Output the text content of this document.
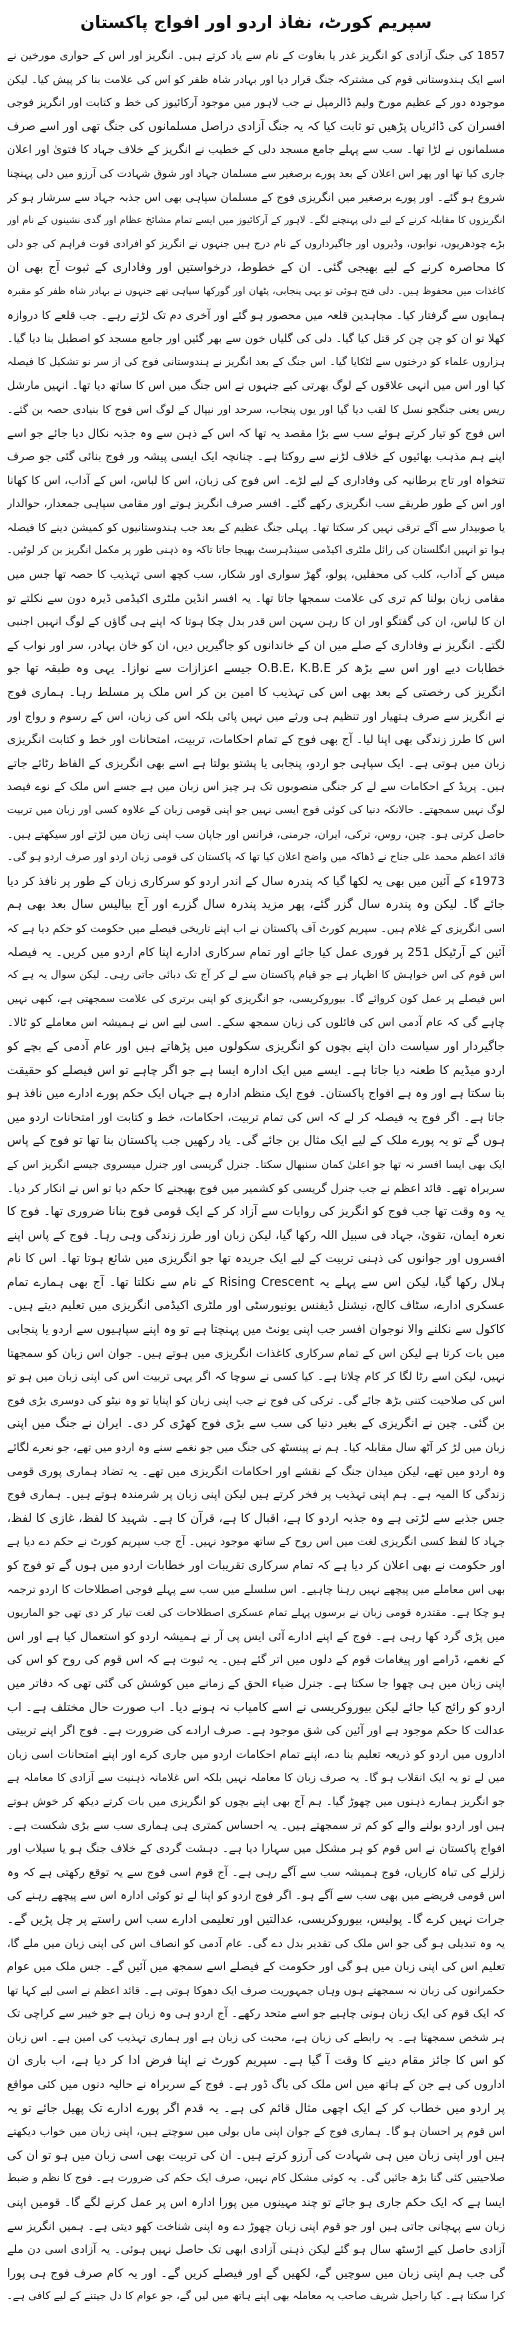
سپریم کورٹ، نفاذ اردو اور افواج پاکستان
1857 کی جنگ آزادی کو انگریز غدر یا بغاوت کے نام سے یاد کرتے ہیں۔ انگریز اور اس کے حواری مورخین نے
اسے ایک ہندوستانی قوم کی مشترکہ جنگ قرار دیا اور بہادر شاہ ظفر کو اس کی علامت بنا کر پیش کیا۔ لیکن
موجودہ دور کے عظیم مورخ ولیم ڈالرمپل نے جب لاہور میں موجود آرکائیوز کی خط و کتابت اور انگریز فوجی
افسران کی ڈائریاں پڑھیں تو ثابت کیا کہ یہ جنگ آزادی دراصل مسلمانوں کی جنگ تھی اور اسے صرف
مسلمانوں نے لڑا تھا۔ سب سے پہلے جامع مسجد دلی کے خطیب نے انگریز کے خلاف جہاد کا فتویٰ اور اعلان
جاری کیا تھا اور پھر اس اعلان کے بعد پورے برصغیر سے مسلمان جہاد اور شوق شہادت کی آرزو میں دلی پہنچنا
شروع ہو گئے۔ اور پورے برصغیر میں انگریزی فوج کے مسلمان سپاہی بھی اس جذبہ جہاد سے سرشار ہو کر
انگریزوں کا مقابلہ کرنے کے لیے دلی پہنچنے لگے۔ لاہور کے آرکائیوز میں ایسے تمام مشائخ عظام اور گدی نشینوں کے نام اور
بڑے چودھریوں، نوابوں، وڈیروں اور جاگیرداروں کے نام درج ہیں جنہوں نے انگریز کو افرادی قوت فراہم کی جو دلی
کا محاصرہ کرنے کے لیے بھیجی گئی۔ ان کے خطوط، درخواستیں اور وفاداری کے ثبوت آج بھی ان
کاغذات میں محفوظ ہیں۔ دلی فتح ہوئی تو یہی پنجابی، پٹھان اور گورکھا سپاہی تھے جنہوں نے بہادر شاہ ظفر کو مقبرہ
ہمایوں سے گرفتار کیا۔ مجاہدین قلعہ میں محصور ہو گئے اور آخری دم تک لڑتے رہے۔ جب قلعے کا دروازہ
کھلا تو ان کو چن چن کر قتل کیا گیا۔ دلی کی گلیاں خون سے بھر گئیں اور جامع مسجد کو اصطبل بنا دیا گیا۔
ہزاروں علماء کو درختوں سے لٹکایا گیا۔ اس جنگ کے بعد انگریز نے ہندوستانی فوج کی از سر نو تشکیل کا فیصلہ
کیا اور اس میں انہی علاقوں کے لوگ بھرتی کیے جنہوں نے اس جنگ میں اس کا ساتھ دیا تھا۔ انہیں مارشل
ریس یعنی جنگجو نسل کا لقب دیا گیا اور یوں پنجاب، سرحد اور نیپال کے لوگ اس فوج کا بنیادی حصہ بن گئے۔
اس فوج کو تیار کرتے ہوئے سب سے بڑا مقصد یہ تھا کہ اس کے ذہن سے وہ جذبہ نکال دیا جائے جو اسے
اپنے ہم مذہب بھائیوں کے خلاف لڑنے سے روکتا ہے۔ چنانچہ ایک ایسی پیشہ ور فوج بنائی گئی جو صرف
تنخواہ اور تاج برطانیہ کی وفاداری کے لیے لڑے۔ اس فوج کی زبان، اس کا لباس، اس کے آداب، اس کا کھانا
اور اس کے طور طریقے سب انگریزی رکھے گئے۔ افسر صرف انگریز ہوتے اور مقامی سپاہی جمعدار، حوالدار
یا صوبیدار سے آگے ترقی نہیں کر سکتا تھا۔ پہلی جنگ عظیم کے بعد جب ہندوستانیوں کو کمیشن دینے کا فیصلہ
ہوا تو انہیں انگلستان کی رائل ملٹری اکیڈمی سینڈہرسٹ بھیجا جاتا تاکہ وہ ذہنی طور پر مکمل انگریز بن کر لوٹیں۔
میس کے آداب، کلب کی محفلیں، پولو، گھڑ سواری اور شکار، سب کچھ اسی تہذیب کا حصہ تھا جس میں
مقامی زبان بولنا کم تری کی علامت سمجھا جاتا تھا۔ یہ افسر انڈین ملٹری اکیڈمی ڈیرہ دون سے نکلتے تو
ان کا لباس، ان کی گفتگو اور ان کا رہن سہن اس قدر بدل چکا ہوتا کہ اپنے ہی گاؤں کے لوگ انہیں اجنبی
لگتے۔ انگریز نے وفاداری کے صلے میں ان کے خاندانوں کو جاگیریں دیں، ان کو خان بہادر، سر اور نواب کے
خطابات دیے اور اس سے بڑھ کر O.B.E، K.B.E جیسے اعزازات سے نوازا۔ یہی وہ طبقہ تھا جو
انگریز کی رخصتی کے بعد بھی اس کی تہذیب کا امین بن کر اس ملک پر مسلط رہا۔ ہماری فوج
نے انگریز سے صرف ہتھیار اور تنظیم ہی ورثے میں نہیں پائی بلکہ اس کی زبان، اس کے رسوم و رواج اور
اس کا طرز زندگی بھی اپنا لیا۔ آج بھی فوج کے تمام احکامات، تربیت، امتحانات اور خط و کتابت انگریزی
زبان میں ہوتی ہے۔ ایک سپاہی جو اردو، پنجابی یا پشتو بولتا ہے اسے بھی انگریزی کے الفاظ رٹائے جاتے
ہیں۔ پریڈ کے احکامات سے لے کر جنگی منصوبوں تک ہر چیز اس زبان میں ہے جسے اس ملک کے نوے فیصد
لوگ نہیں سمجھتے۔ حالانکہ دنیا کی کوئی فوج ایسی نہیں جو اپنی قومی زبان کے علاوہ کسی اور زبان میں تربیت
حاصل کرتی ہو۔ چین، روس، ترکی، ایران، جرمنی، فرانس اور جاپان سب اپنی زبان میں لڑتے اور سیکھتے ہیں۔
قائد اعظم محمد علی جناح نے ڈھاکہ میں واضح اعلان کیا تھا کہ پاکستان کی قومی زبان اردو اور صرف اردو ہو گی۔
1973ء کے آئین میں بھی یہ لکھا گیا کہ پندرہ سال کے اندر اردو کو سرکاری زبان کے طور پر نافذ کر دیا
جائے گا۔ لیکن وہ پندرہ سال گزر گئے، پھر مزید پندرہ سال گزرے اور آج بیالیس سال بعد بھی ہم
اسی انگریزی کے غلام ہیں۔ سپریم کورٹ آف پاکستان نے اب اپنے تاریخی فیصلے میں حکومت کو حکم دیا ہے کہ
آئین کے آرٹیکل 251 پر فوری عمل کیا جائے اور تمام سرکاری ادارے اپنا کام اردو میں کریں۔ یہ فیصلہ
اس قوم کی اس خواہش کا اظہار ہے جو قیام پاکستان سے لے کر آج تک دبائی جاتی رہی۔ لیکن سوال یہ ہے کہ
اس فیصلے پر عمل کون کروائے گا۔ بیوروکریسی، جو انگریزی کو اپنی برتری کی علامت سمجھتی ہے، کبھی نہیں
چاہے گی کہ عام آدمی اس کی فائلوں کی زبان سمجھ سکے۔ اسی لیے اس نے ہمیشہ اس معاملے کو ٹالا۔
جاگیردار اور سیاست دان اپنے بچوں کو انگریزی سکولوں میں پڑھاتے ہیں اور عام آدمی کے بچے کو
اردو میڈیم کا طعنہ دیا جاتا ہے۔ ایسے میں ایک ادارہ ایسا ہے جو اگر چاہے تو اس فیصلے کو حقیقت
بنا سکتا ہے اور وہ ہے افواج پاکستان۔ فوج ایک منظم ادارہ ہے جہاں ایک حکم پورے ادارے میں نافذ ہو
جاتا ہے۔ اگر فوج یہ فیصلہ کر لے کہ اس کی تمام تربیت، احکامات، خط و کتابت اور امتحانات اردو میں
ہوں گے تو یہ پورے ملک کے لیے ایک مثال بن جائے گی۔ یاد رکھیں جب پاکستان بنا تھا تو فوج کے پاس
ایک بھی ایسا افسر نہ تھا جو اعلیٰ کمان سنبھال سکتا۔ جنرل گریسی اور جنرل میسروی جیسے انگریز اس کے
سربراہ تھے۔ قائد اعظم نے جب جنرل گریسی کو کشمیر میں فوج بھیجنے کا حکم دیا تو اس نے انکار کر دیا۔
یہ وہ وقت تھا جب فوج کو انگریز کی روایات سے آزاد کر کے ایک قومی فوج بنانا ضروری تھا۔ فوج کا
نعرہ ایمان، تقویٰ، جہاد فی سبیل اللہ رکھا گیا، لیکن زبان اور طرز زندگی وہی رہا۔ فوج کے پاس اپنے
افسروں اور جوانوں کی ذہنی تربیت کے لیے ایک جریدہ تھا جو انگریزی میں شائع ہوتا تھا۔ اس کا نام
ہلال رکھا گیا، لیکن اس سے پہلے یہ Rising Crescent کے نام سے نکلتا تھا۔ آج بھی ہمارے تمام
عسکری ادارے، سٹاف کالج، نیشنل ڈیفنس یونیورسٹی اور ملٹری اکیڈمی انگریزی میں تعلیم دیتے ہیں۔
کاکول سے نکلنے والا نوجوان افسر جب اپنی یونٹ میں پہنچتا ہے تو وہ اپنے سپاہیوں سے اردو یا پنجابی
میں بات کرتا ہے لیکن اس کے تمام سرکاری کاغذات انگریزی میں ہوتے ہیں۔ جوان اس زبان کو سمجھتا
نہیں، لیکن اسے رٹا لگا کر کام چلاتا ہے۔ کیا کسی نے سوچا کہ اگر یہی تربیت اس کی اپنی زبان میں ہو تو
اس کی صلاحیت کتنی بڑھ جائے گی۔ ترکی کی فوج نے جب اپنی زبان کو اپنایا تو وہ نیٹو کی دوسری بڑی فوج
بن گئی۔ چین نے انگریزی کے بغیر دنیا کی سب سے بڑی فوج کھڑی کر دی۔ ایران نے جنگ میں اپنی
زبان میں لڑ کر آٹھ سال مقابلہ کیا۔ ہم نے پینسٹھ کی جنگ میں جو نغمے سنے وہ اردو میں تھے، جو نعرے لگائے
وہ اردو میں تھے، لیکن میدان جنگ کے نقشے اور احکامات انگریزی میں تھے۔ یہ تضاد ہماری پوری قومی
زندگی کا المیہ ہے۔ ہم اپنی تہذیب پر فخر کرتے ہیں لیکن اپنی زبان پر شرمندہ ہوتے ہیں۔ ہماری فوج
جس جذبے سے لڑتی ہے وہ جذبہ اردو کا ہے، اقبال کا ہے، قرآن کا ہے۔ شہید کا لفظ، غازی کا لفظ،
جہاد کا لفظ کسی انگریزی لغت میں اس روح کے ساتھ موجود نہیں۔ آج جب سپریم کورٹ نے حکم دے دیا ہے
اور حکومت نے بھی اعلان کر دیا ہے کہ تمام سرکاری تقریبات اور خطابات اردو میں ہوں گے تو فوج کو
بھی اس معاملے میں پیچھے نہیں رہنا چاہیے۔ اس سلسلے میں سب سے پہلے فوجی اصطلاحات کا اردو ترجمہ
ہو چکا ہے۔ مقتدرہ قومی زبان نے برسوں پہلے تمام عسکری اصطلاحات کی لغت تیار کر دی تھی جو الماریوں
میں پڑی گرد کھا رہی ہے۔ فوج کے اپنے ادارے آئی ایس پی آر نے ہمیشہ اردو کو استعمال کیا ہے اور اس
کے نغمے، ڈرامے اور پیغامات قوم کے دلوں میں اتر گئے ہیں۔ یہ ثبوت ہے کہ اس قوم کی روح کو اس کی
اپنی زبان میں ہی چھوا جا سکتا ہے۔ جنرل ضیاء الحق کے زمانے میں کوشش کی گئی تھی کہ دفاتر میں
اردو کو رائج کیا جائے لیکن بیوروکریسی نے اسے کامیاب نہ ہونے دیا۔ اب صورت حال مختلف ہے۔ اب
عدالت کا حکم موجود ہے اور آئین کی شق موجود ہے۔ صرف ارادے کی ضرورت ہے۔ فوج اگر اپنے تربیتی
اداروں میں اردو کو ذریعہ تعلیم بنا دے، اپنے تمام احکامات اردو میں جاری کرے اور اپنے امتحانات اسی زبان
میں لے تو یہ ایک انقلاب ہو گا۔ یہ صرف زبان کا معاملہ نہیں بلکہ اس غلامانہ ذہنیت سے آزادی کا معاملہ ہے
جو انگریز ہمارے ذہنوں میں چھوڑ گیا۔ ہم آج بھی اپنے بچوں کو انگریزی میں بات کرتے دیکھ کر خوش ہوتے
ہیں اور اردو بولنے والے کو کم تر سمجھتے ہیں۔ یہ احساس کمتری ہی ہماری سب سے بڑی شکست ہے۔
افواج پاکستان نے اس قوم کو ہر مشکل میں سہارا دیا ہے۔ دہشت گردی کے خلاف جنگ ہو یا سیلاب اور
زلزلے کی تباہ کاریاں، فوج ہمیشہ سب سے آگے رہی ہے۔ آج قوم اسی فوج سے یہ توقع رکھتی ہے کہ وہ
اس قومی فریضے میں بھی سب سے آگے ہو۔ اگر فوج اردو کو اپنا لے تو کوئی ادارہ اس سے پیچھے رہنے کی
جرات نہیں کرے گا۔ پولیس، بیوروکریسی، عدالتیں اور تعلیمی ادارے سب اس راستے پر چل پڑیں گے۔
یہ وہ تبدیلی ہو گی جو اس ملک کی تقدیر بدل دے گی۔ عام آدمی کو انصاف اس کی اپنی زبان میں ملے گا،
تعلیم اس کی اپنی زبان میں ہو گی اور حکومت کے فیصلے اسے سمجھ میں آئیں گے۔ جس ملک میں عوام
حکمرانوں کی زبان نہ سمجھتے ہوں وہاں جمہوریت صرف ایک دھوکا ہوتی ہے۔ قائد اعظم نے اسی لیے کہا تھا
کہ ایک قوم کی ایک زبان ہونی چاہیے جو اسے متحد رکھے۔ آج اردو ہی وہ زبان ہے جو خیبر سے کراچی تک
ہر شخص سمجھتا ہے۔ یہ رابطے کی زبان ہے، محبت کی زبان ہے اور ہماری تہذیب کی امین ہے۔ اس زبان
کو اس کا جائز مقام دینے کا وقت آ گیا ہے۔ سپریم کورٹ نے اپنا فرض ادا کر دیا ہے، اب باری ان
اداروں کی ہے جن کے ہاتھ میں اس ملک کی باگ ڈور ہے۔ فوج کے سربراہ نے حالیہ دنوں میں کئی مواقع
پر اردو میں خطاب کر کے ایک اچھی مثال قائم کی ہے۔ یہ قدم اگر پورے ادارے تک پھیل جائے تو یہ
اس قوم پر احسان ہو گا۔ ہماری فوج کے جوان اپنی ماں بولی میں سوچتے ہیں، اپنی زبان میں خواب دیکھتے
ہیں اور اپنی زبان میں ہی شہادت کی آرزو کرتے ہیں۔ ان کی تربیت بھی اسی زبان میں ہو تو ان کی
صلاحیتیں کئی گنا بڑھ جائیں گی۔ یہ کوئی مشکل کام نہیں، صرف ایک حکم کی ضرورت ہے۔ فوج کا نظم و ضبط
ایسا ہے کہ ایک حکم جاری ہو جائے تو چند مہینوں میں پورا ادارہ اس پر عمل کرنے لگے گا۔ قومیں اپنی
زبان سے پہچانی جاتی ہیں اور جو قوم اپنی زبان چھوڑ دے وہ اپنی شناخت کھو دیتی ہے۔ ہمیں انگریز سے
آزادی حاصل کیے اڑسٹھ سال ہو گئے لیکن ذہنی آزادی ابھی تک حاصل نہیں ہوئی۔ یہ آزادی اسی دن ملے
گی جب ہم اپنی زبان میں سوچیں گے، لکھیں گے اور فیصلے کریں گے۔ اور یہ کام صرف فوج ہی پورا
کرا سکتا ہے۔ کیا راحیل شریف صاحب یہ معاملہ بھی اپنے ہاتھ میں لیں گے، جو عوام کا دل جیتنے کے لیے کافی ہے۔
